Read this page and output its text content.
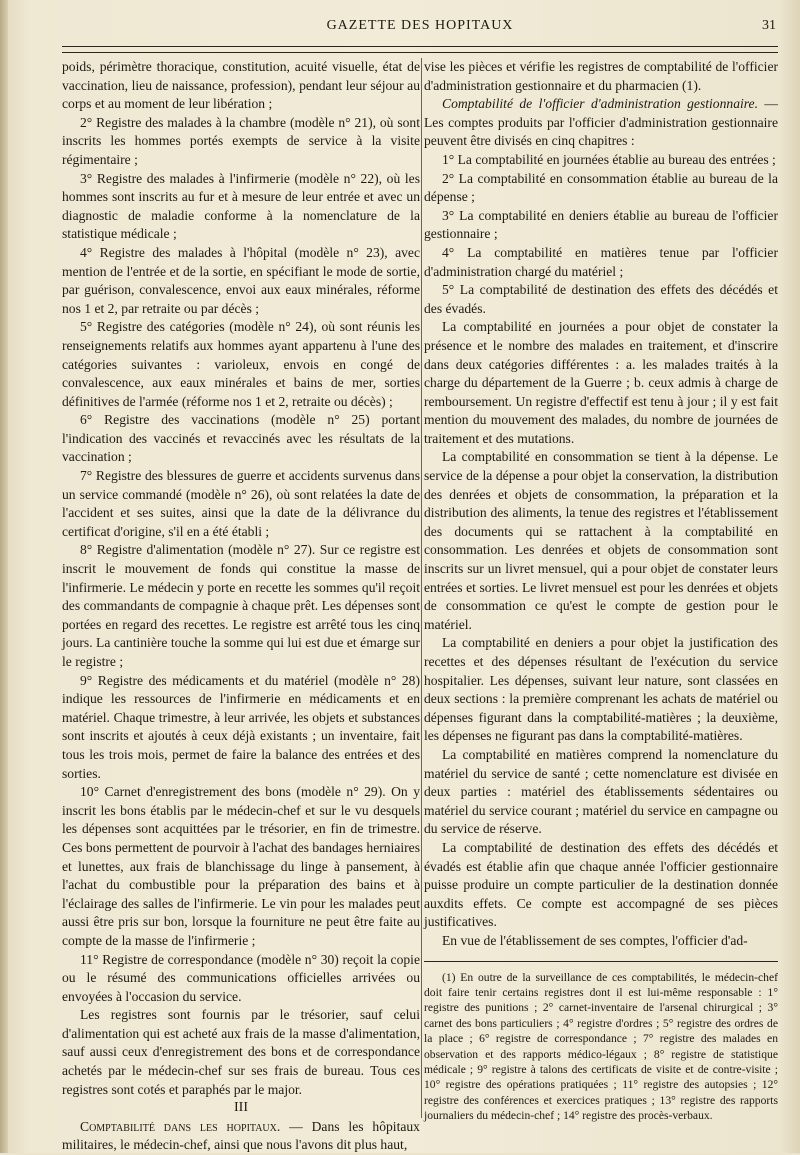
GAZETTE DES HOPITAUX	31

poids, périmètre thoracique, constitution, acuité visuelle, état de vaccination, lieu de naissance, profession), pendant leur séjour au corps et au moment de leur libération ;

2° Registre des malades à la chambre (modèle n° 21), où sont inscrits les hommes portés exempts de service à la visite régimentaire ;

3° Registre des malades à l'infirmerie (modèle n° 22), où les hommes sont inscrits au fur et à mesure de leur entrée et avec un diagnostic de maladie conforme à la nomenclature de la statistique médicale ;

4° Registre des malades à l'hôpital (modèle n° 23), avec mention de l'entrée et de la sortie, en spécifiant le mode de sortie, par guérison, convalescence, envoi aux eaux minérales, réforme nos 1 et 2, par retraite ou par décès ;

5° Registre des catégories (modèle n° 24), où sont réunis les renseignements relatifs aux hommes ayant appartenu à l'une des catégories suivantes : varioleux, envois en congé de convalescence, aux eaux minérales et bains de mer, sorties définitives de l'armée (réforme nos 1 et 2, retraite ou décès) ;

6° Registre des vaccinations (modèle n° 25) portant l'indication des vaccinés et revaccinés avec les résultats de la vaccination ;

7° Registre des blessures de guerre et accidents survenus dans un service commandé (modèle n° 26), où sont relatées la date de l'accident et ses suites, ainsi que la date de la délivrance du certificat d'origine, s'il en a été établi ;

8° Registre d'alimentation (modèle n° 27). Sur ce registre est inscrit le mouvement de fonds qui constitue la masse de l'infirmerie. Le médecin y porte en recette les sommes qu'il reçoit des commandants de compagnie à chaque prêt. Les dépenses sont portées en regard des recettes. Le registre est arrêté tous les cinq jours. La cantinière touche la somme qui lui est due et émarge sur le registre ;

9° Registre des médicaments et du matériel (modèle n° 28) indique les ressources de l'infirmerie en médicaments et en matériel. Chaque trimestre, à leur arrivée, les objets et substances sont inscrits et ajoutés à ceux déjà existants ; un inventaire, fait tous les trois mois, permet de faire la balance des entrées et des sorties.

10° Carnet d'enregistrement des bons (modèle n° 29). On y inscrit les bons établis par le médecin-chef et sur le vu desquels les dépenses sont acquittées par le trésorier, en fin de trimestre. Ces bons permettent de pourvoir à l'achat des bandages herniaires et lunettes, aux frais de blanchissage du linge à pansement, à l'achat du combustible pour la préparation des bains et à l'éclairage des salles de l'infirmerie. Le vin pour les malades peut aussi être pris sur bon, lorsque la fourniture ne peut être faite au compte de la masse de l'infirmerie ;

11° Registre de correspondance (modèle n° 30) reçoit la copie ou le résumé des communications officielles arrivées ou envoyées à l'occasion du service.

Les registres sont fournis par le trésorier, sauf celui d'alimentation qui est acheté aux frais de la masse d'alimentation, sauf aussi ceux d'enregistrement des bons et de correspondance achetés par le médecin-chef sur ses frais de bureau. Tous ces registres sont cotés et paraphés par le major.

III

Comptabilité dans les hopitaux. — Dans les hôpitaux militaires, le médecin-chef, ainsi que nous l'avons dit plus haut,

vise les pièces et vérifie les registres de comptabilité de l'officier d'administration gestionnaire et du pharmacien (1).

Comptabilité de l'officier d'administration gestionnaire. — Les comptes produits par l'officier d'administration gestionnaire peuvent être divisés en cinq chapitres :

1° La comptabilité en journées établie au bureau des entrées ;

2° La comptabilité en consommation établie au bureau de la dépense ;

3° La comptabilité en deniers établie au bureau de l'officier gestionnaire ;

4° La comptabilité en matières tenue par l'officier d'administration chargé du matériel ;

5° La comptabilité de destination des effets des décédés et des évadés.

La comptabilité en journées a pour objet de constater la présence et le nombre des malades en traitement, et d'inscrire dans deux catégories différentes : a. les malades traités à la charge du département de la Guerre ; b. ceux admis à charge de remboursement. Un registre d'effectif est tenu à jour ; il y est fait mention du mouvement des malades, du nombre de journées de traitement et des mutations.

La comptabilité en consommation se tient à la dépense. Le service de la dépense a pour objet la conservation, la distribution des denrées et objets de consommation, la préparation et la distribution des aliments, la tenue des registres et l'établissement des documents qui se rattachent à la comptabilité en consommation. Les denrées et objets de consommation sont inscrits sur un livret mensuel, qui a pour objet de constater leurs entrées et sorties. Le livret mensuel est pour les denrées et objets de consommation ce qu'est le compte de gestion pour le matériel.

La comptabilité en deniers a pour objet la justification des recettes et des dépenses résultant de l'exécution du service hospitalier. Les dépenses, suivant leur nature, sont classées en deux sections : la première comprenant les achats de matériel ou dépenses figurant dans la comptabilité-matières ; la deuxième, les dépenses ne figurant pas dans la comptabilité-matières.

La comptabilité en matières comprend la nomenclature du matériel du service de santé ; cette nomenclature est divisée en deux parties : matériel des établissements sédentaires ou matériel du service courant ; matériel du service en campagne ou du service de réserve.

La comptabilité de destination des effets des décédés et évadés est établie afin que chaque année l'officier gestionnaire puisse produire un compte particulier de la destination donnée auxdits effets. Ce compte est accompagné de ses pièces justificatives.

En vue de l'établissement de ses comptes, l'officier d'ad-

(1) En outre de la surveillance de ces comptabilités, le médecin-chef doit faire tenir certains registres dont il est lui-même responsable : 1° registre des punitions ; 2° carnet-inventaire de l'arsenal chirurgical ; 3° carnet des bons particuliers ; 4° registre d'ordres ; 5° registre des ordres de la place ; 6° registre de correspondance ; 7° registre des malades en observation et des rapports médico-légaux ; 8° registre de statistique médicale ; 9° registre à talons des certificats de visite et de contre-visite ; 10° registre des opérations pratiquées ; 11° registre des autopsies ; 12° registre des conférences et exercices pratiques ; 13° registre des rapports journaliers du médecin-chef ; 14° registre des procès-verbaux.
